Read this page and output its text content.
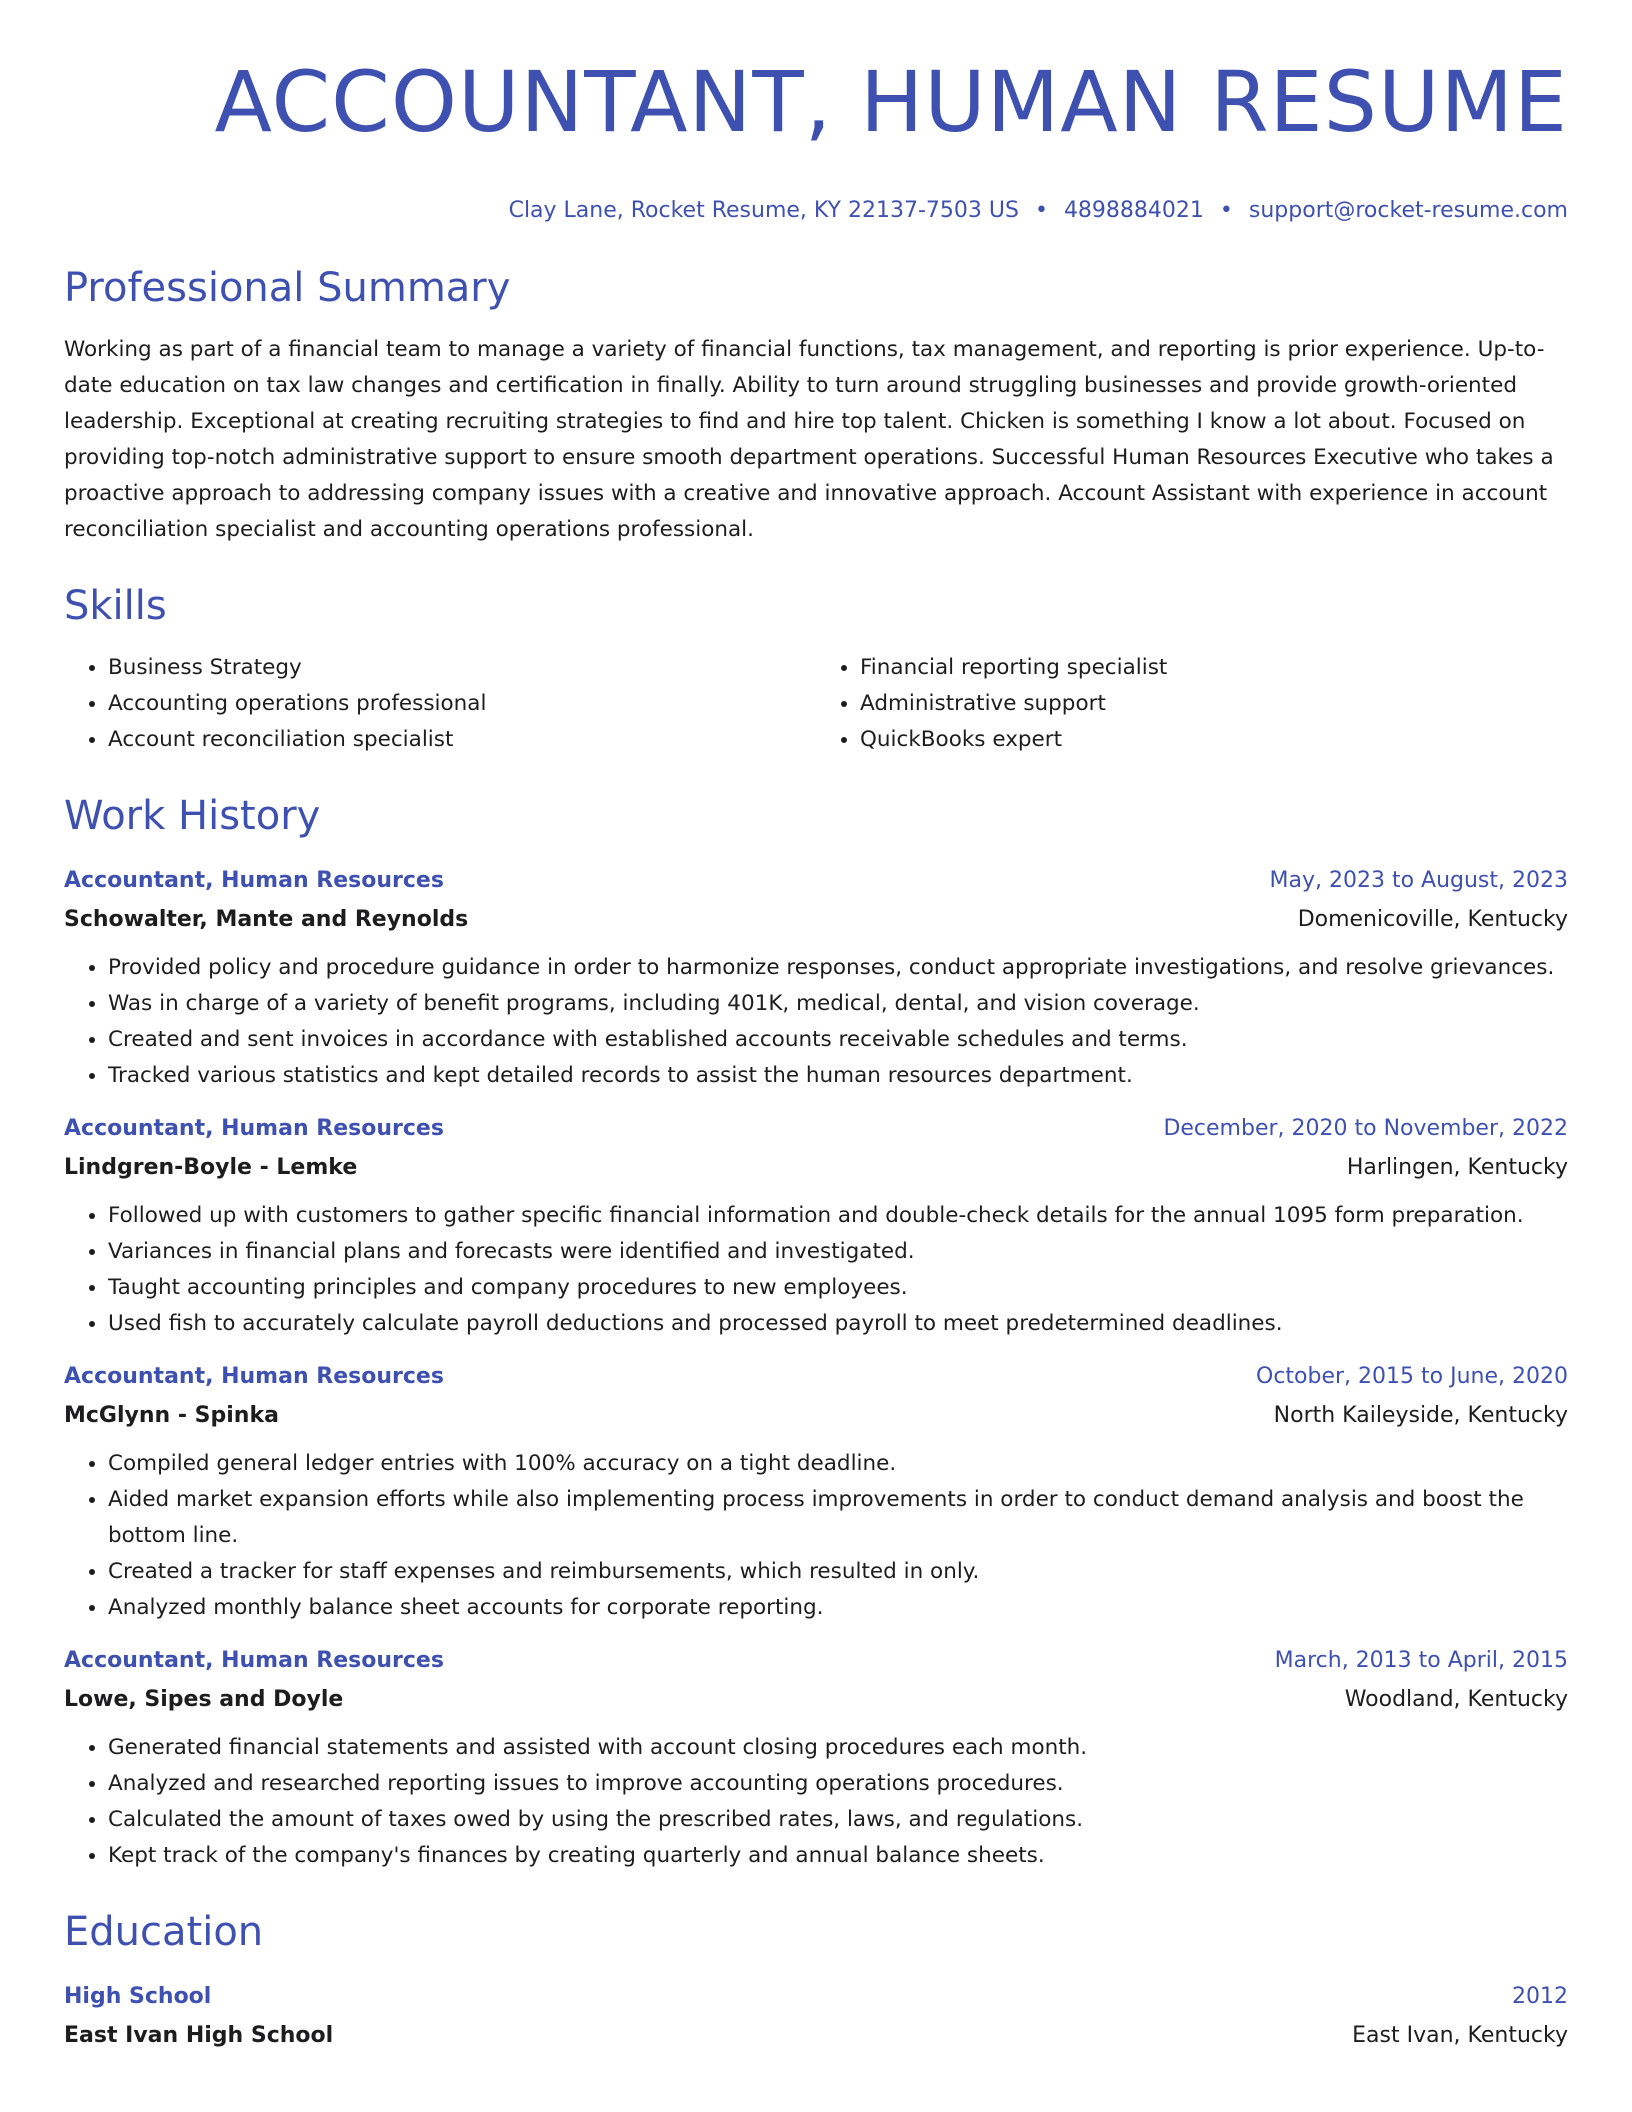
ACCOUNTANT, HUMAN RESUME
Clay Lane, Rocket Resume, KY 22137-7503 US • 4898884021 • support@rocket-resume.com
Professional Summary

Working as part of a financial team to manage a variety of financial functions, tax management, and reporting is prior experience. Up-to-date education on tax law changes and certification in finally. Ability to turn around struggling businesses and provide growth-oriented leadership. Exceptional at creating recruiting strategies to find and hire top talent. Chicken is something I know a lot about. Focused on providing top-notch administrative support to ensure smooth department operations. Successful Human Resources Executive who takes a proactive approach to addressing company issues with a creative and innovative approach. Account Assistant with experience in account reconciliation specialist and accounting operations professional.

Skills
• Business Strategy
• Accounting operations professional
• Account reconciliation specialist
• Financial reporting specialist
• Administrative support
• QuickBooks expert
Work History
Accountant, Human Resources	May, 2023 to August, 2023
Schowalter, Mante and Reynolds	Domenicoville, Kentucky
• Provided policy and procedure guidance in order to harmonize responses, conduct appropriate investigations, and resolve grievances.
• Was in charge of a variety of benefit programs, including 401K, medical, dental, and vision coverage.
• Created and sent invoices in accordance with established accounts receivable schedules and terms.
• Tracked various statistics and kept detailed records to assist the human resources department.
Accountant, Human Resources	December, 2020 to November, 2022
Lindgren-Boyle - Lemke	Harlingen, Kentucky
• Followed up with customers to gather specific financial information and double-check details for the annual 1095 form preparation.
• Variances in financial plans and forecasts were identified and investigated.
• Taught accounting principles and company procedures to new employees.
• Used fish to accurately calculate payroll deductions and processed payroll to meet predetermined deadlines.
Accountant, Human Resources	October, 2015 to June, 2020
McGlynn - Spinka	North Kaileyside, Kentucky
• Compiled general ledger entries with 100% accuracy on a tight deadline.
• Aided market expansion efforts while also implementing process improvements in order to conduct demand analysis and boost the bottom line.
• Created a tracker for staff expenses and reimbursements, which resulted in only.
• Analyzed monthly balance sheet accounts for corporate reporting.
Accountant, Human Resources	March, 2013 to April, 2015
Lowe, Sipes and Doyle	Woodland, Kentucky
• Generated financial statements and assisted with account closing procedures each month.
• Analyzed and researched reporting issues to improve accounting operations procedures.
• Calculated the amount of taxes owed by using the prescribed rates, laws, and regulations.
• Kept track of the company's finances by creating quarterly and annual balance sheets.
Education
High School	2012
East Ivan High School	East Ivan, Kentucky
